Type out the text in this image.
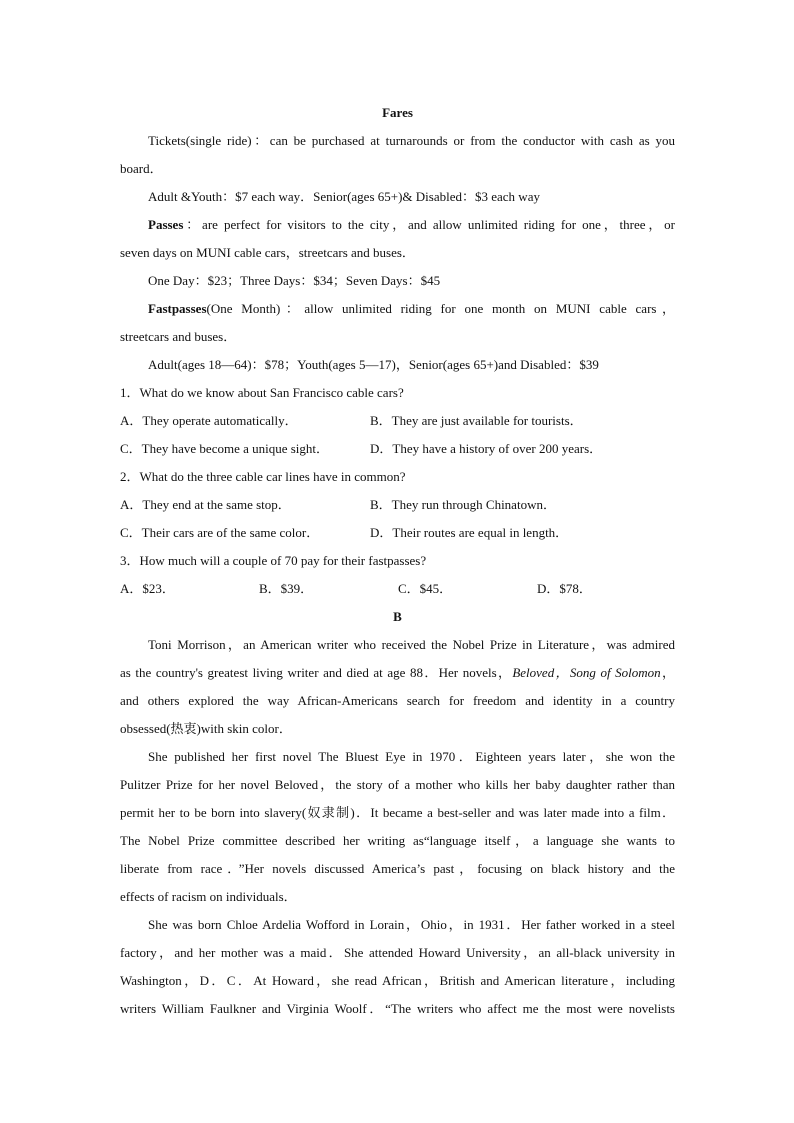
Fares
Tickets(single ride)：can be purchased at turnarounds or from the conductor with cash as you
board．
Adult &Youth：$7 each way．Senior(ages 65+)& Disabled：$3 each way
Passes：are perfect for visitors to the city，and allow unlimited riding for one，three，or
seven days on MUNI cable cars，streetcars and buses．
One Day：$23；Three Days：$34；Seven Days：$45
Fastpasses(One Month)：allow unlimited riding for one month on MUNI cable cars，
streetcars and buses．
Adult(ages 18—64)：$78；Youth(ages 5—17)，Senior(ages 65+)and Disabled：$39
1．What do we know about San Francisco cable cars?
A．They operate automatically．	B．They are just available for tourists．
C．They have become a unique sight．	D．They have a history of over 200 years．
2．What do the three cable car lines have in common?
A．They end at the same stop．	B．They run through Chinatown．
C．Their cars are of the same color．	D．Their routes are equal in length．
3．How much will a couple of 70 pay for their fastpasses?
A．$23．	B．$39．	C．$45．	D．$78．
B
Toni Morrison，an American writer who received the Nobel Prize in Literature，was admired
as the country's greatest living writer and died at age 88．Her novels，Beloved，Song of Solomon，
and others explored the way African-Americans search for freedom and identity in a country
obsessed(热衷)with skin color．
She published her first novel The Bluest Eye in 1970．Eighteen years later，she won the
Pulitzer Prize for her novel Beloved，the story of a mother who kills her baby daughter rather than
permit her to be born into slavery(奴隶制)．It became a best-seller and was later made into a film．
The Nobel Prize committee described her writing as“language itself，a language she wants to
liberate from race．”Her novels discussed America’s past，focusing on black history and the
effects of racism on individuals．
She was born Chloe Ardelia Wofford in Lorain，Ohio，in 1931．Her father worked in a steel
factory，and her mother was a maid．She attended Howard University，an all-black university in
Washington，D．C．At Howard，she read African，British and American literature，including
writers William Faulkner and Virginia Woolf．“The writers who affect me the most were novelists
